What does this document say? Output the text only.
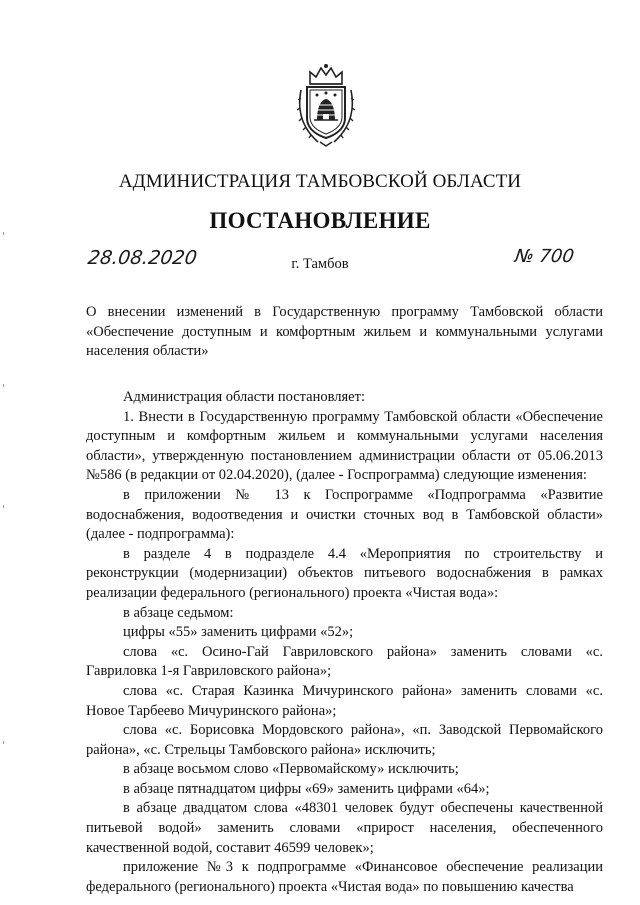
АДМИНИСТРАЦИЯ ТАМБОВСКОЙ ОБЛАСТИ
ПОСТАНОВЛЕНИЕ
28.08.2020	г. Тамбов	№ 700
О внесении изменений в Государственную программу Тамбовской области «Обеспечение доступным и комфортным жильем и коммунальными услугами населения области»

Администрация области постановляет:

1. Внести в Государственную программу Тамбовской области «Обеспечение доступным и комфортным жильем и коммунальными услугами населения области», утвержденную постановлением администрации области от 05.06.2013 №586 (в редакции от 02.04.2020), (далее - Госпрограмма) следующие изменения:

в приложении № 13 к Госпрограмме «Подпрограмма «Развитие водоснабжения, водоотведения и очистки сточных вод в Тамбовской области» (далее - подпрограмма):

в разделе 4 в подразделе 4.4 «Мероприятия по строительству и реконструкции (модернизации) объектов питьевого водоснабжения в рамках реализации федерального (регионального) проекта «Чистая вода»:

в абзаце седьмом:

цифры «55» заменить цифрами «52»;

слова «с. Осино-Гай Гавриловского района» заменить словами «с. Гавриловка 1-я Гавриловского района»;

слова «с. Старая Казинка Мичуринского района» заменить словами «с. Новое Тарбеево Мичуринского района»;

слова «с. Борисовка Мордовского района», «п. Заводской Первомайского района», «с. Стрельцы Тамбовского района» исключить;

в абзаце восьмом слово «Первомайскому» исключить;

в абзаце пятнадцатом цифры «69» заменить цифрами «64»;

в абзаце двадцатом слова «48301 человек будут обеспечены качественной питьевой водой» заменить словами «прирост населения, обеспеченного качественной водой, составит 46599 человек»;

приложение №3 к подпрограмме «Финансовое обеспечение реализации федерального (регионального) проекта «Чистая вода» по повышению качества
